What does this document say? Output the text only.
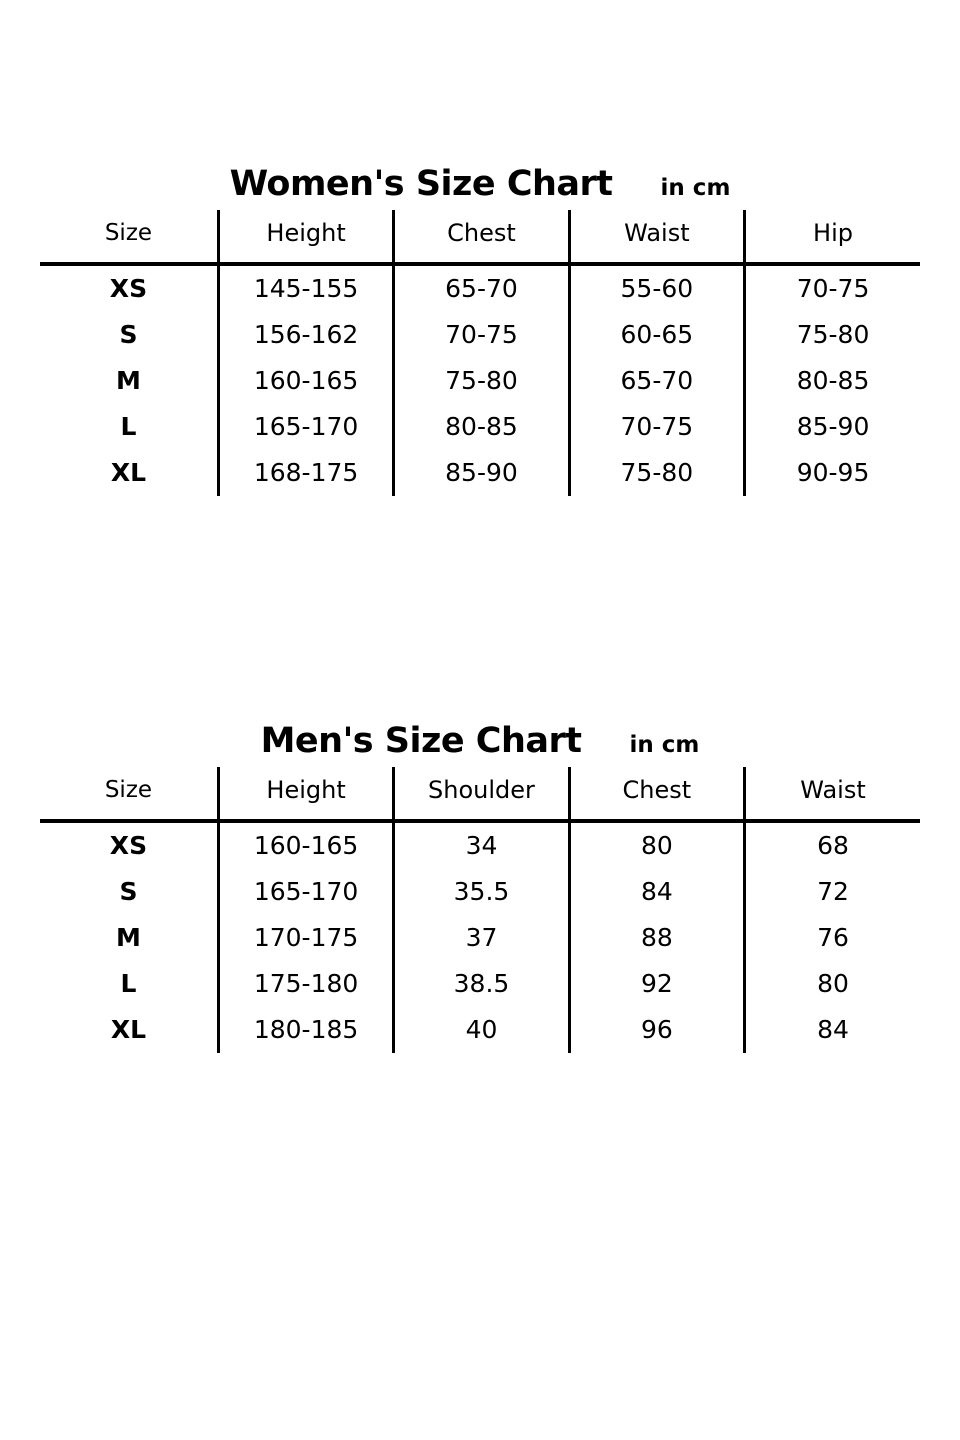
Women's Size Chart in cm
Size	Height	Chest	Waist	Hip
XS	145-155	65-70	55-60	70-75
S	156-162	70-75	60-65	75-80
M	160-165	75-80	65-70	80-85
L	165-170	80-85	70-75	85-90
XL	168-175	85-90	75-80	90-95
Men's Size Chart in cm
Size	Height	Shoulder	Chest	Waist
XS	160-165	34	80	68
S	165-170	35.5	84	72
M	170-175	37	88	76
L	175-180	38.5	92	80
XL	180-185	40	96	84
